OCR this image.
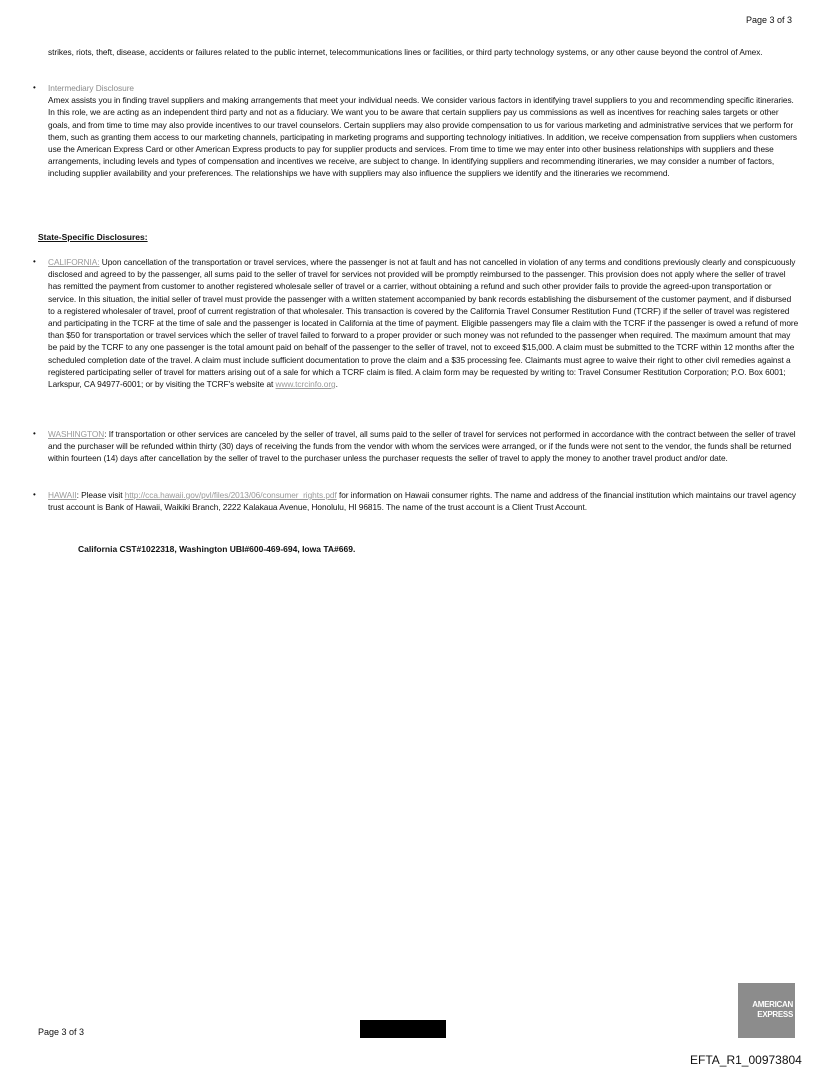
Page 3 of 3
strikes, riots, theft, disease, accidents or failures related to the public internet, telecommunications lines or facilities, or third party technology systems, or any other cause beyond the control of Amex.
• Intermediary Disclosure
Amex assists you in finding travel suppliers and making arrangements that meet your individual needs. We consider various factors in identifying travel suppliers to you and recommending specific itineraries. In this role, we are acting as an independent third party and not as a fiduciary. We want you to be aware that certain suppliers pay us commissions as well as incentives for reaching sales targets or other goals, and from time to time may also provide incentives to our travel counselors. Certain suppliers may also provide compensation to us for various marketing and administrative services that we perform for them, such as granting them access to our marketing channels, participating in marketing programs and supporting technology initiatives. In addition, we receive compensation from suppliers when customers use the American Express Card or other American Express products to pay for supplier products and services. From time to time we may enter into other business relationships with suppliers and these arrangements, including levels and types of compensation and incentives we receive, are subject to change. In identifying suppliers and recommending itineraries, we may consider a number of factors, including supplier availability and your preferences. The relationships we have with suppliers may also influence the suppliers we identify and the itineraries we recommend.
State-Specific Disclosures:
• CALIFORNIA: Upon cancellation of the transportation or travel services, where the passenger is not at fault and has not cancelled in violation of any terms and conditions previously clearly and conspicuously disclosed and agreed to by the passenger, all sums paid to the seller of travel for services not provided will be promptly reimbursed to the passenger. This provision does not apply where the seller of travel has remitted the payment from customer to another registered wholesale seller of travel or a carrier, without obtaining a refund and such other provider fails to provide the agreed-upon transportation or service. In this situation, the initial seller of travel must provide the passenger with a written statement accompanied by bank records establishing the disbursement of the customer payment, and if disbursed to a registered wholesaler of travel, proof of current registration of that wholesaler. This transaction is covered by the California Travel Consumer Restitution Fund (TCRF) if the seller of travel was registered and participating in the TCRF at the time of sale and the passenger is located in California at the time of payment. Eligible passengers may file a claim with the TCRF if the passenger is owed a refund of more than $50 for transportation or travel services which the seller of travel failed to forward to a proper provider or such money was not refunded to the passenger when required. The maximum amount that may be paid by the TCRF to any one passenger is the total amount paid on behalf of the passenger to the seller of travel, not to exceed $15,000. A claim must be submitted to the TCRF within 12 months after the scheduled completion date of the travel. A claim must include sufficient documentation to prove the claim and a $35 processing fee. Claimants must agree to waive their right to other civil remedies against a registered participating seller of travel for matters arising out of a sale for which a TCRF claim is filed. A claim form may be requested by writing to: Travel Consumer Restitution Corporation; P.O. Box 6001; Larkspur, CA 94977-6001; or by visiting the TCRF's website at www.tcrcinfo.org.
• WASHINGTON: If transportation or other services are canceled by the seller of travel, all sums paid to the seller of travel for services not performed in accordance with the contract between the seller of travel and the purchaser will be refunded within thirty (30) days of receiving the funds from the vendor with whom the services were arranged, or if the funds were not sent to the vendor, the funds shall be returned within fourteen (14) days after cancellation by the seller of travel to the purchaser unless the purchaser requests the seller of travel to apply the money to another travel product and/or date.
• HAWAII: Please visit http://cca.hawaii.gov/pvl/files/2013/06/consumer_rights.pdf for information on Hawaii consumer rights. The name and address of the financial institution which maintains our travel agency trust account is Bank of Hawaii, Waikiki Branch, 2222 Kalakaua Avenue, Honolulu, HI 96815. The name of the trust account is a Client Trust Account.
California CST#1022318, Washington UBI#600-469-694, Iowa TA#669.
Page 3 of 3
AMERICAN
EXPRESS
EFTA_R1_00973804
